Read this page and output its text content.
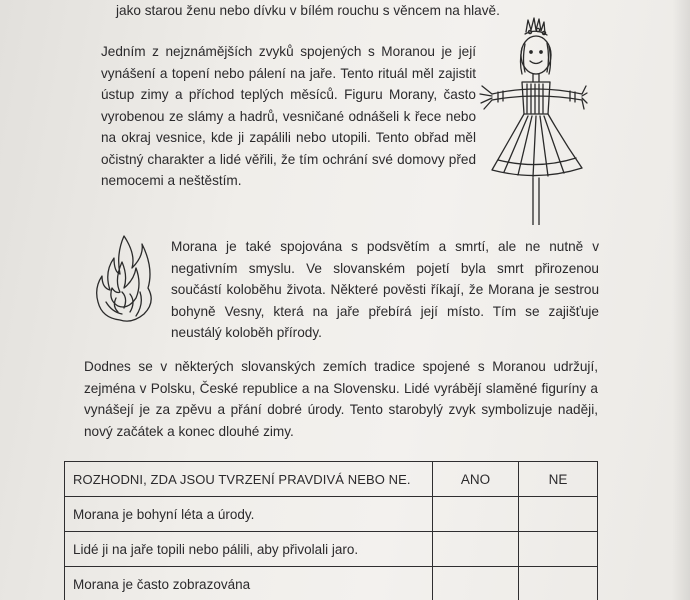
jako starou ženu nebo dívku v bílém rouchu s věncem na hlavě.

Jedním z nejznámějších zvyků spojených s Moranou je její vynášení a topení nebo pálení na jaře. Tento rituál měl zajistit ústup zimy a příchod teplých měsíců. Figuru Morany, často vyrobenou ze slámy a hadrů, vesničané odnášeli k řece nebo na okraj vesnice, kde ji zapálili nebo utopili. Tento obřad měl očistný charakter a lidé věřili, že tím ochrání své domovy před nemocemi a neštěstím.

Morana je také spojována s podsvětím a smrtí, ale ne nutně v negativním smyslu. Ve slovanském pojetí byla smrt přirozenou součástí koloběhu života. Některé pověsti říkají, že Morana je sestrou bohyně Vesny, která na jaře přebírá její místo. Tím se zajišťuje neustálý koloběh přírody.

Dodnes se v některých slovanských zemích tradice spojené s Moranou udržují, zejména v Polsku, České republice a na Slovensku. Lidé vyrábějí slaměné figuríny a vynášejí je za zpěvu a přání dobré úrody. Tento starobylý zvyk symbolizuje naději, nový začátek a konec dlouhé zimy.

ROZHODNI, ZDA JSOU TVRZENÍ PRAVDIVÁ NEBO NE.	ANO	NE
Morana je bohyní léta a úrody.		
Lidé ji na jaře topili nebo pálili, aby přivolali jaro.		
Morana je často zobrazována		
